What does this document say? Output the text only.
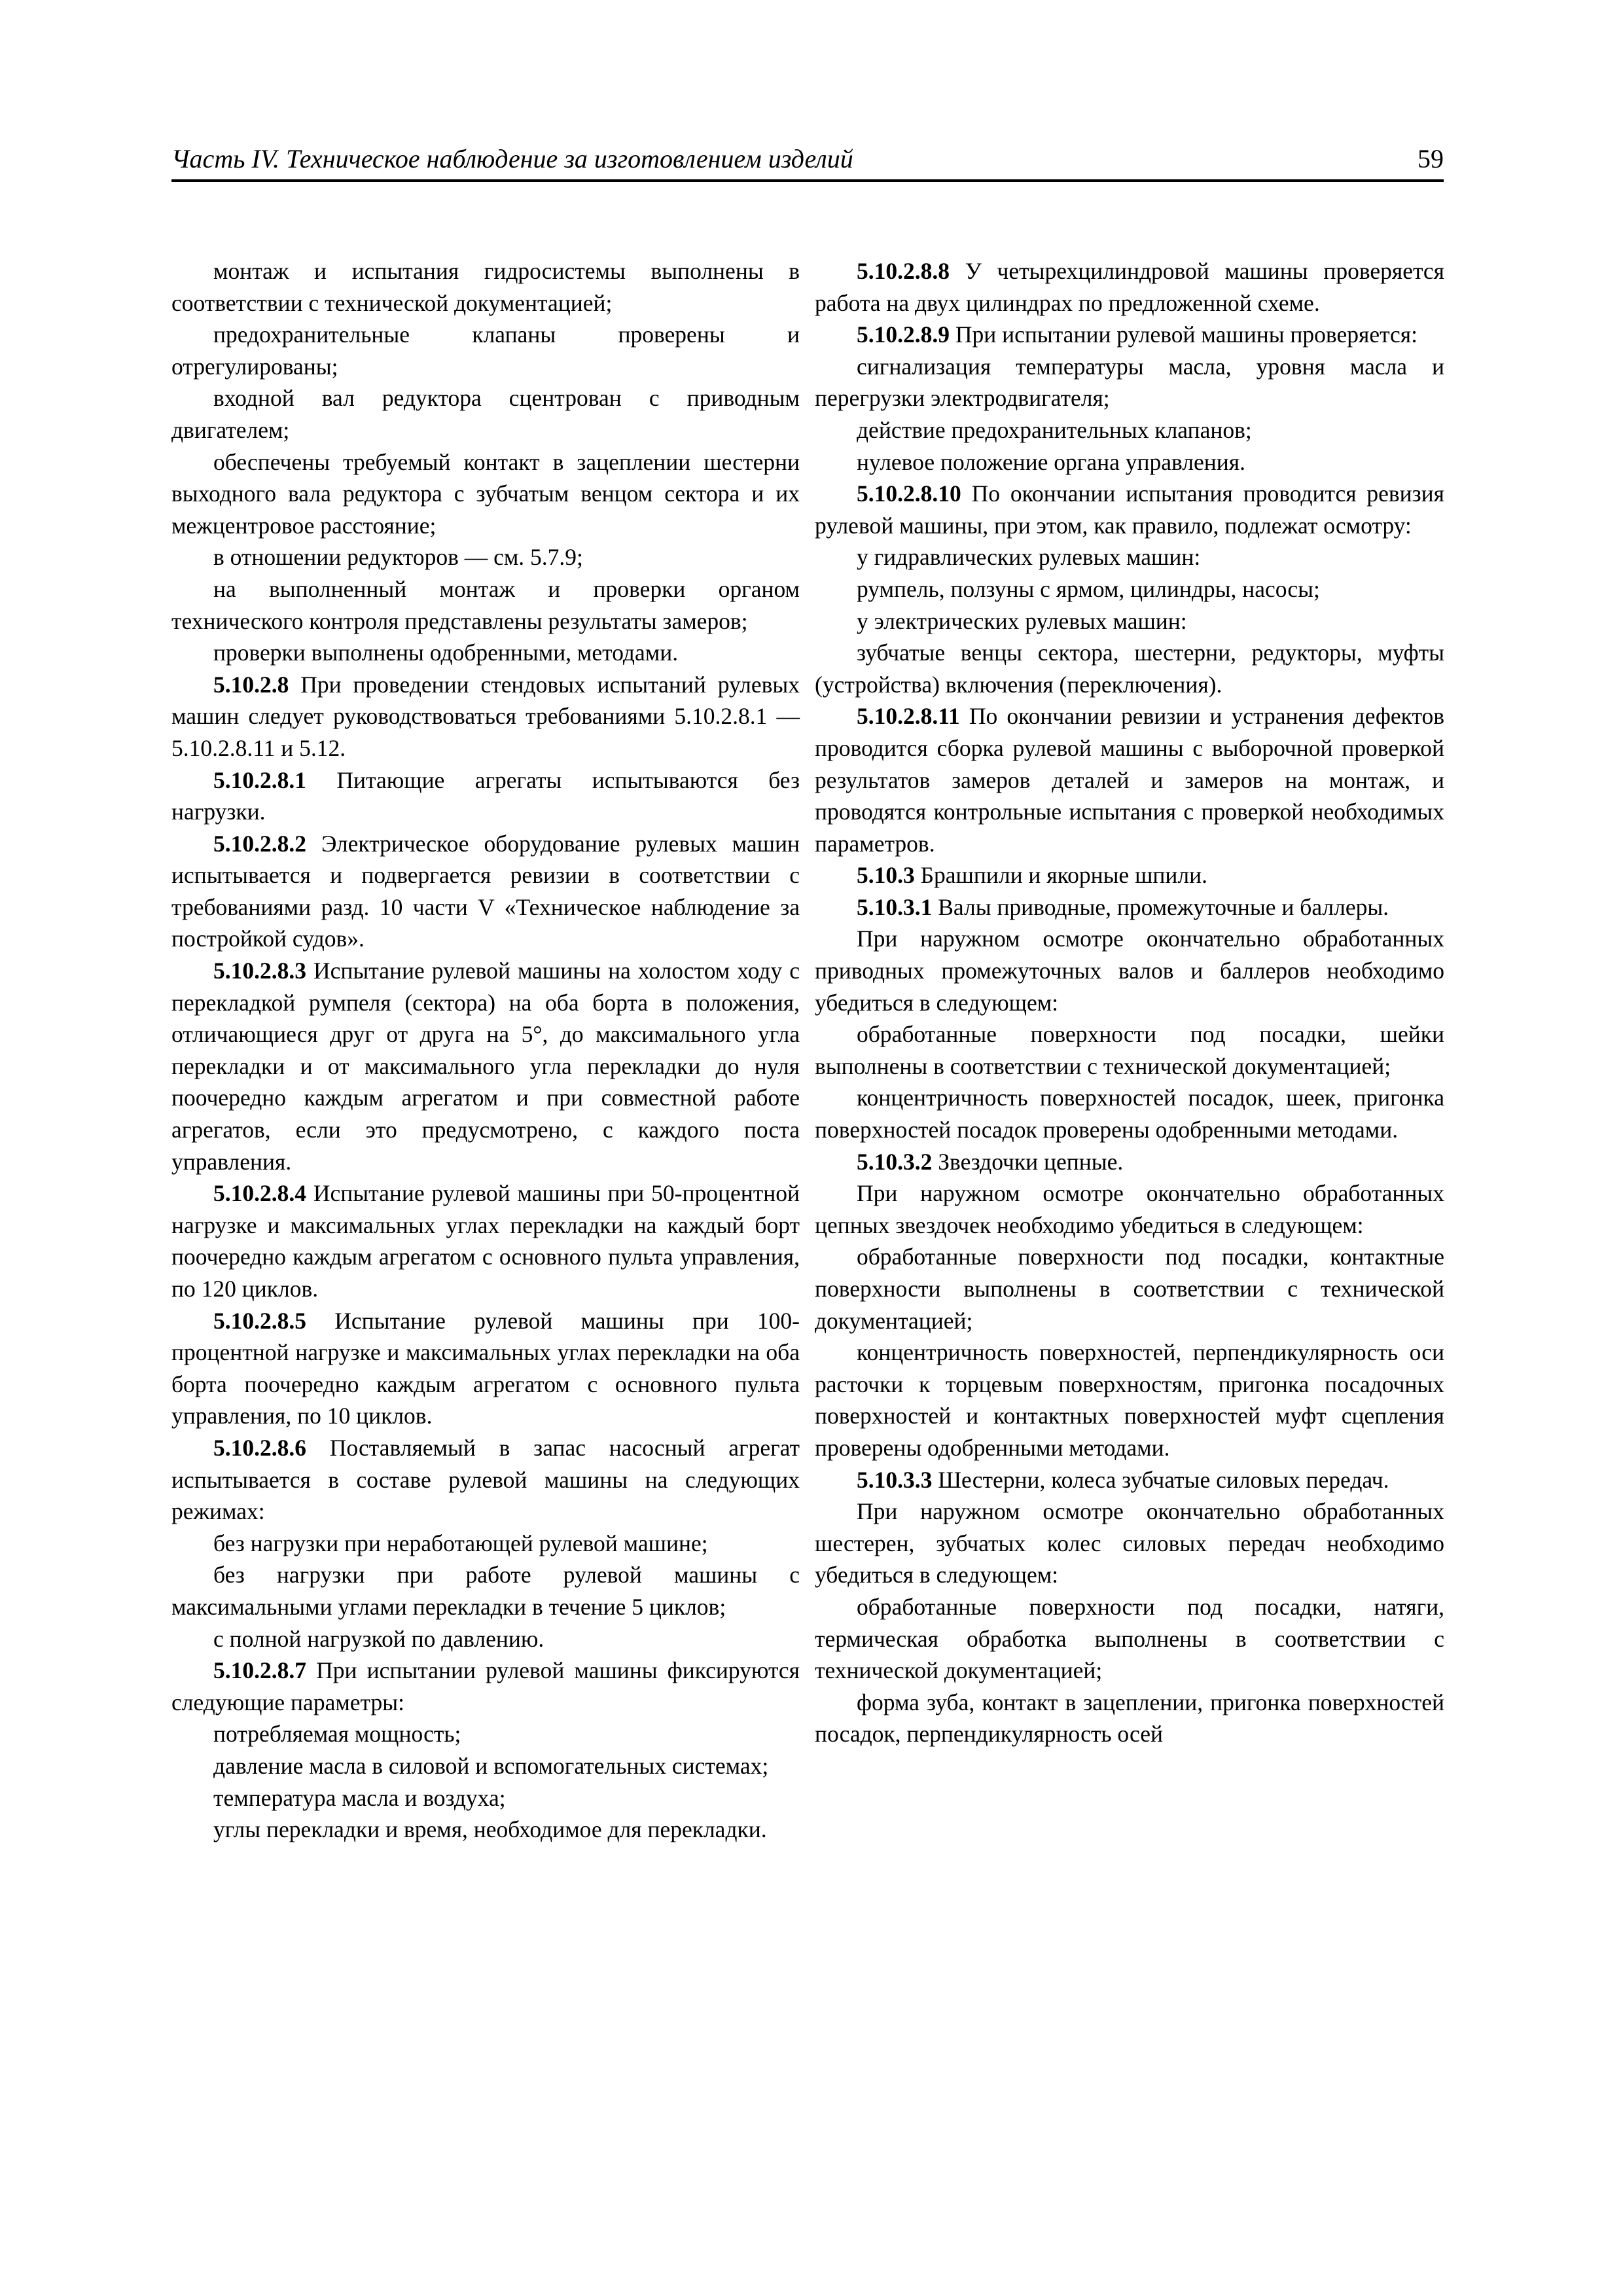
Часть IV. Техническое наблюдение за изготовлением изделий	59

монтаж и испытания гидросистемы выполнены в соответствии с технической документацией;

предохранительные клапаны проверены и отрегулированы;

входной вал редуктора сцентрован с приводным двигателем;

обеспечены требуемый контакт в зацеплении шестерни выходного вала редуктора с зубчатым венцом сектора и их межцентровое расстояние;

в отношении редукторов — см. 5.7.9;

на выполненный монтаж и проверки органом технического контроля представлены результаты замеров;

проверки выполнены одобренными, методами.

5.10.2.8 При проведении стендовых испытаний рулевых машин следует руководствоваться требованиями 5.10.2.8.1 — 5.10.2.8.11 и 5.12.

5.10.2.8.1 Питающие агрегаты испытываются без нагрузки.

5.10.2.8.2 Электрическое оборудование рулевых машин испытывается и подвергается ревизии в соответствии с требованиями разд. 10 части V «Техническое наблюдение за постройкой судов».

5.10.2.8.3 Испытание рулевой машины на холостом ходу с перекладкой румпеля (сектора) на оба борта в положения, отличающиеся друг от друга на 5°, до максимального угла перекладки и от максимального угла перекладки до нуля поочередно каждым агрегатом и при совместной работе агрегатов, если это предусмотрено, с каждого поста управления.

5.10.2.8.4 Испытание рулевой машины при 50-процентной нагрузке и максимальных углах перекладки на каждый борт поочередно каждым агрегатом с основного пульта управления, по 120 циклов.

5.10.2.8.5 Испытание рулевой машины при 100-процентной нагрузке и максимальных углах перекладки на оба борта поочередно каждым агрегатом с основного пульта управления, по 10 циклов.

5.10.2.8.6 Поставляемый в запас насосный агрегат испытывается в составе рулевой машины на следующих режимах:

без нагрузки при неработающей рулевой машине;

без нагрузки при работе рулевой машины с максимальными углами перекладки в течение 5 циклов;

с полной нагрузкой по давлению.

5.10.2.8.7 При испытании рулевой машины фиксируются следующие параметры:

потребляемая мощность;

давление масла в силовой и вспомогательных системах;

температура масла и воздуха;

углы перекладки и время, необходимое для перекладки.

5.10.2.8.8 У четырехцилиндровой машины проверяется работа на двух цилиндрах по предложенной схеме.

5.10.2.8.9 При испытании рулевой машины проверяется:

сигнализация температуры масла, уровня масла и перегрузки электродвигателя;

действие предохранительных клапанов;

нулевое положение органа управления.

5.10.2.8.10 По окончании испытания проводится ревизия рулевой машины, при этом, как правило, подлежат осмотру:

у гидравлических рулевых машин:

румпель, ползуны с ярмом, цилиндры, насосы;

у электрических рулевых машин:

зубчатые венцы сектора, шестерни, редукторы, муфты (устройства) включения (переключения).

5.10.2.8.11 По окончании ревизии и устранения дефектов проводится сборка рулевой машины с выборочной проверкой результатов замеров деталей и замеров на монтаж, и проводятся контрольные испытания с проверкой необходимых параметров.

5.10.3 Брашпили и якорные шпили.

5.10.3.1 Валы приводные, промежуточные и баллеры.

При наружном осмотре окончательно обработанных приводных промежуточных валов и баллеров необходимо убедиться в следующем:

обработанные поверхности под посадки, шейки выполнены в соответствии с технической документацией;

концентричность поверхностей посадок, шеек, пригонка поверхностей посадок проверены одобренными методами.

5.10.3.2 Звездочки цепные.

При наружном осмотре окончательно обработанных цепных звездочек необходимо убедиться в следующем:

обработанные поверхности под посадки, контактные поверхности выполнены в соответствии с технической документацией;

концентричность поверхностей, перпендикулярность оси расточки к торцевым поверхностям, пригонка посадочных поверхностей и контактных поверхностей муфт сцепления проверены одобренными методами.

5.10.3.3 Шестерни, колеса зубчатые силовых передач.

При наружном осмотре окончательно обработанных шестерен, зубчатых колес силовых передач необходимо убедиться в следующем:

обработанные поверхности под посадки, натяги, термическая обработка выполнены в соответствии с технической документацией;

форма зуба, контакт в зацеплении, пригонка поверхностей посадок, перпендикулярность осей
